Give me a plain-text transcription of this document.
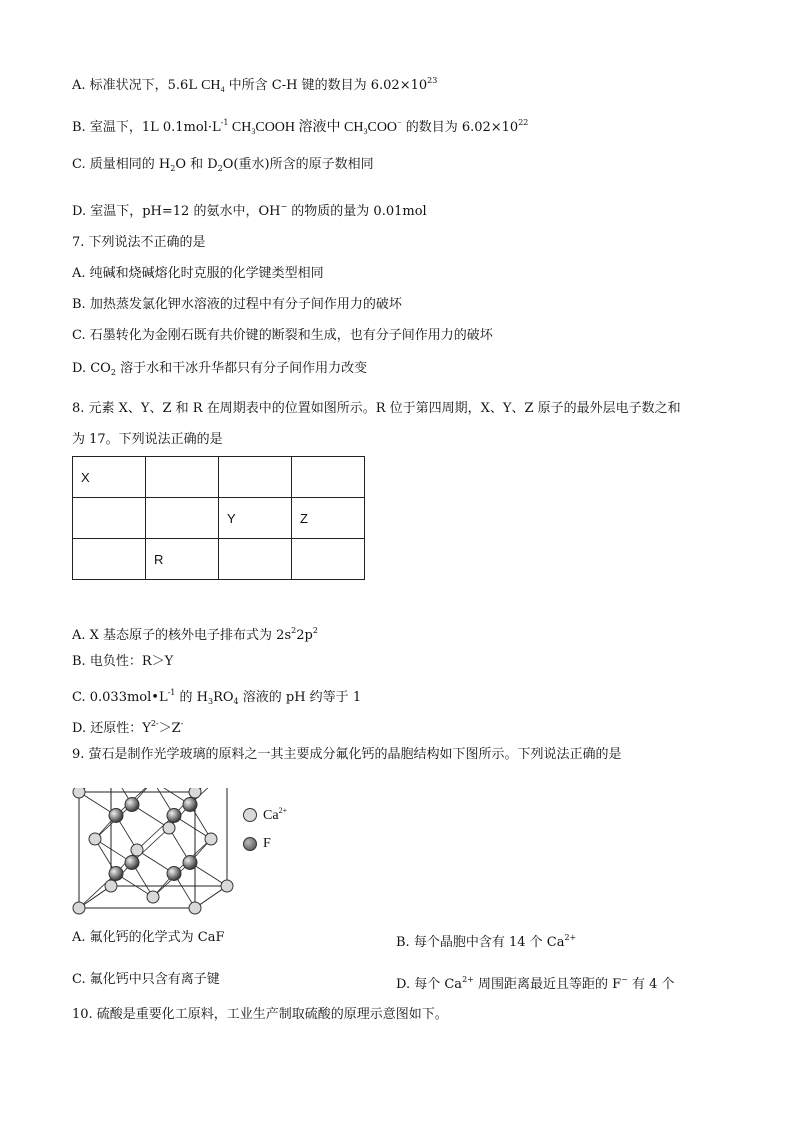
A. 标准状况下，5.6L $CH_4$ 中所含 C-H 键的数目为 $6.02\times 10^{23}$
B. 室温下，1L $0.1mol\cdot L^{-1}$ $CH_3COOH$ 溶液中 $CH_3COO^-$ 的数目为 $6.02\times 10^{22}$
C. 质量相同的 $H_2O$ 和 $D_2O$(重水)所含的原子数相同
D. 室温下，pH=12 的氨水中，OH− 的物质的量为 0.01mol
7. 下列说法不正确的是
A. 纯碱和烧碱熔化时克服的化学键类型相同
B. 加热蒸发氯化钾水溶液的过程中有分子间作用力的破坏
C. 石墨转化为金刚石既有共价键的断裂和生成，也有分子间作用力的破坏
D. $CO_2$ 溶于水和干冰升华都只有分子间作用力改变
8. 元素 X、Y、Z 和 R 在周期表中的位置如图所示。R 位于第四周期，X、Y、Z 原子的最外层电子数之和
为 17。下列说法正确的是
X			
		Y	Z
	R		
A. X 基态原子的核外电子排布式为 $2s^22p^2$
B. 电负性：R＞Y
C. $0.033mol•L^{-1}$ 的 $H_3RO_4$ 溶液的 pH 约等于 1
D. 还原性：$Y^{2-}>Z^-$
9. 萤石是制作光学玻璃的原料之一其主要成分氟化钙的晶胞结构如下图所示。下列说法正确的是
$Ca^{2+}$
F
A. 氟化钙的化学式为 CaF	B. 每个晶胞中含有 14 个 $Ca^{2+}$
C. 氟化钙中只含有离子键	D. 每个 $Ca^{2+}$ 周围距离最近且等距的 F− 有 4 个
10. 硫酸是重要化工原料，工业生产制取硫酸的原理示意图如下。
